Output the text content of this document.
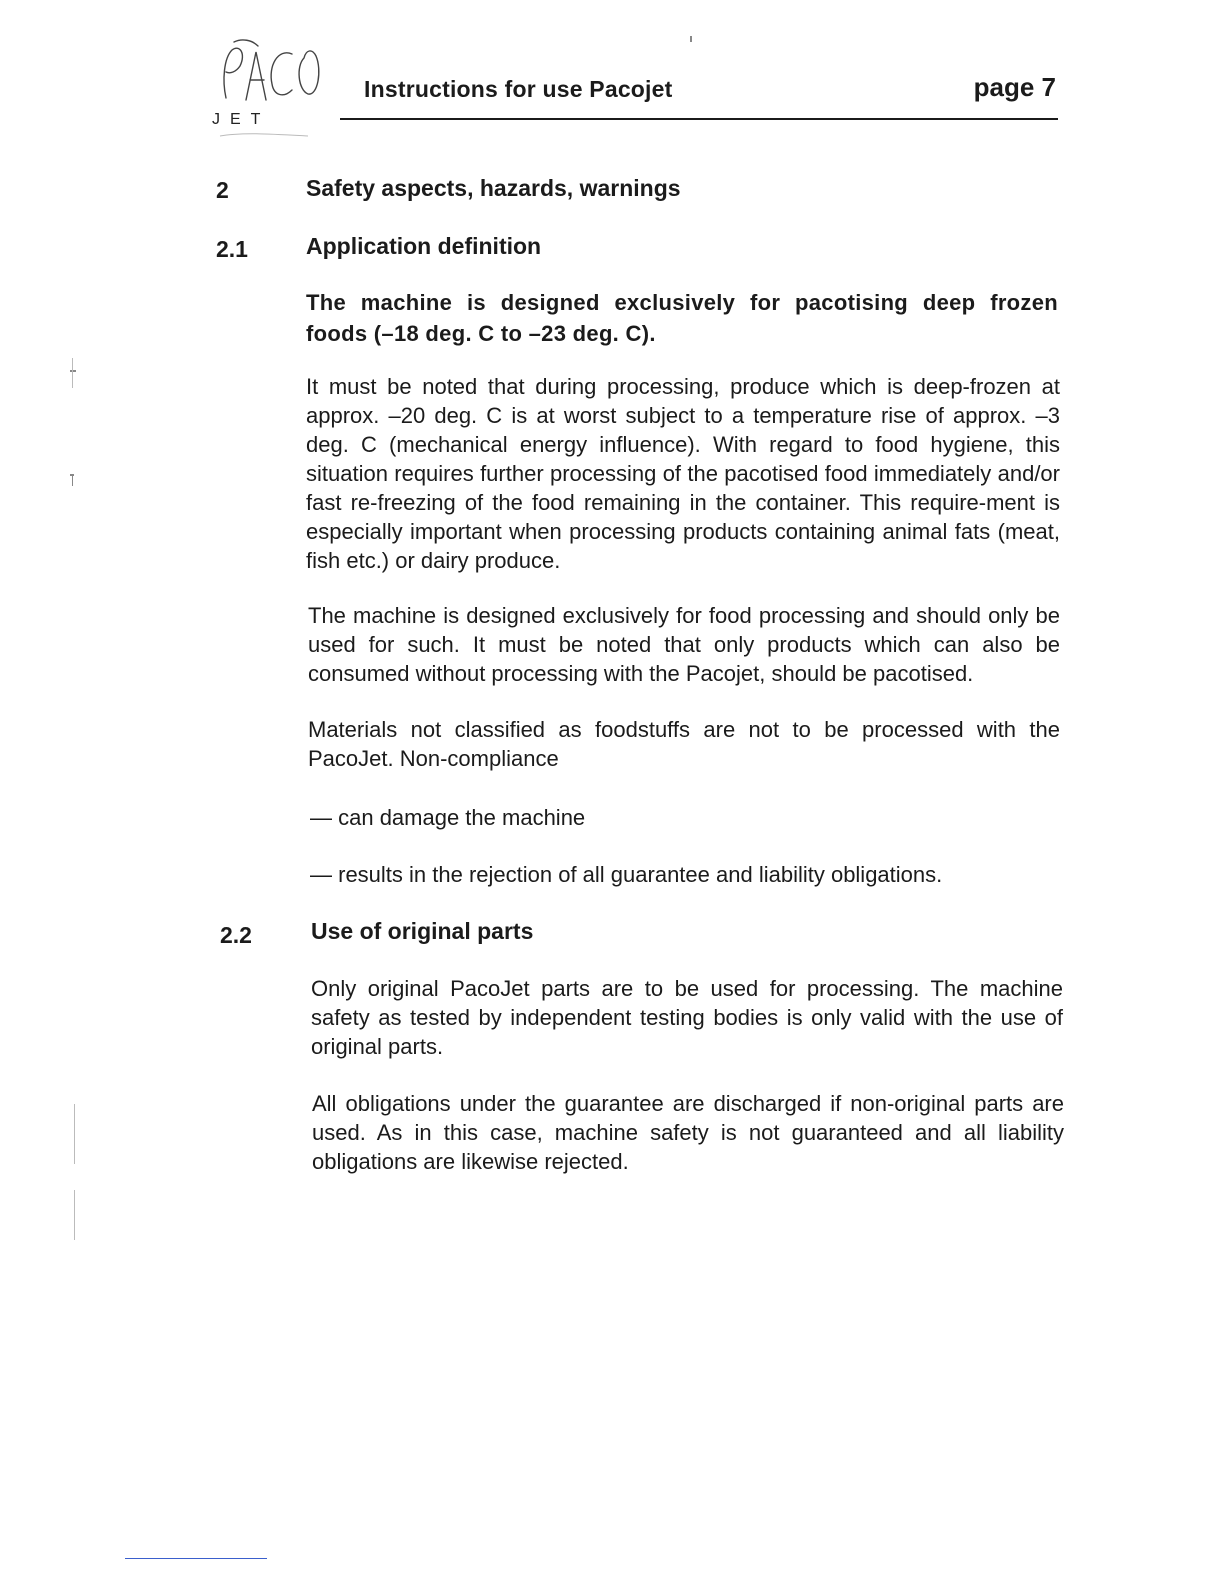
JET
Instructions for use Pacojet	page 7
2	Safety aspects, hazards, warnings
2.1	Application definition
The machine is designed exclusively for pacotising deep frozen foods (–18 deg. C to –23 deg. C).
It must be noted that during processing, produce which is deep-frozen at approx. –20 deg. C is at worst subject to a temperature rise of approx. –3 deg. C (mechanical energy influence). With regard to food hygiene, this situation requires further processing of the pacotised food immediately and/or fast re-freezing of the food remaining in the container. This require-ment is especially important when processing products containing animal fats (meat, fish etc.) or dairy produce.
The machine is designed exclusively for food processing and should only be used for such. It must be noted that only products which can also be consumed without processing with the Pacojet, should be pacotised.
Materials not classified as foodstuffs are not to be processed with the PacoJet. Non-compliance
— can damage the machine
— results in the rejection of all guarantee and liability obligations.
2.2	Use of original parts
Only original PacoJet parts are to be used for processing. The machine safety as tested by independent testing bodies is only valid with the use of original parts.
All obligations under the guarantee are discharged if non-original parts are used. As in this case, machine safety is not guaranteed and all liability obligations are likewise rejected.
